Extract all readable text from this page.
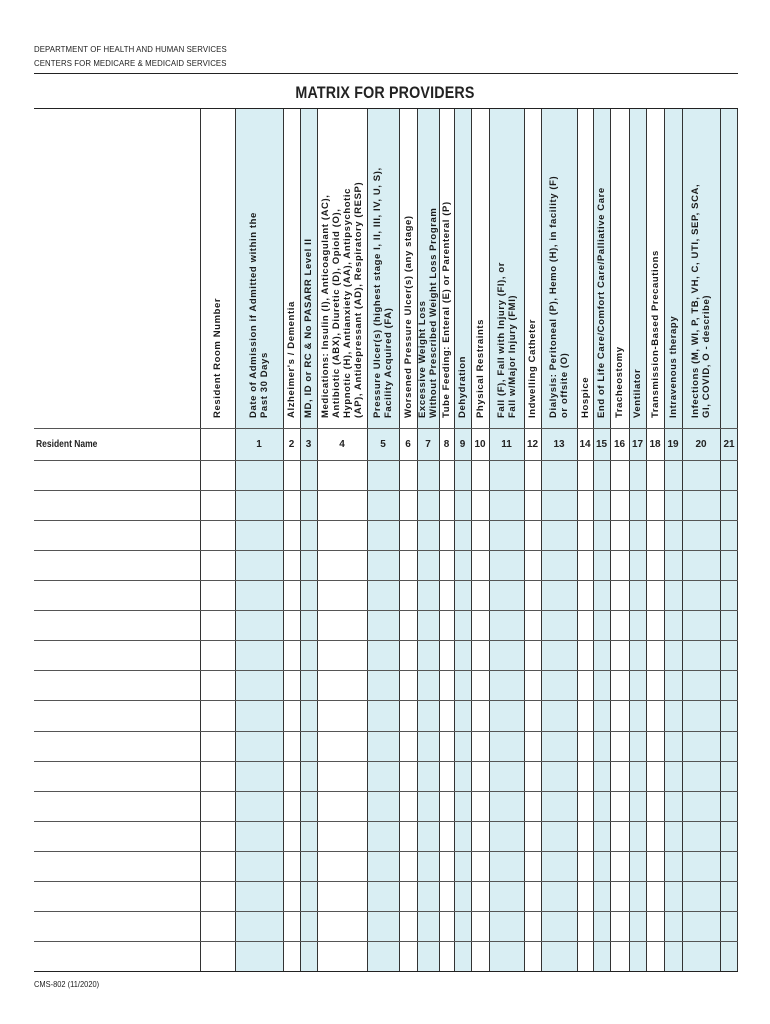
DEPARTMENT OF HEALTH AND HUMAN SERVICES
CENTERS FOR MEDICARE & MEDICAID SERVICES
MATRIX FOR PROVIDERS
Resident Name
Resident Room Number	Date of Admission if Admitted within the Past 30 Days
1
Alzheimer's / Dementia
2
MD, ID or RC & No PASARR Level II
3
Medications: Insulin (I), Anticoagulant (AC), Antibiotic (ABX), Diuretic (D), Opioid (O), Hypnotic (H), Antianxiety (AA), Antipsychotic (AP), Antidepressant (AD), Respiratory (RESP)
4
Pressure Ulcer(s) (highest stage I, II, III, IV, U, S), Facility Acquired (FA)
5
Worsened Pressure Ulcer(s) (any stage)
6
Excessive Weight Loss Without Prescribed Weight Loss Program
7
Tube Feeding: Enteral (E) or Parenteral (P)
8
Dehydration
9
Physical Restraints
10
Fall (F), Fall with Injury (FI), or Fall w/Major Injury (FMI)
11
Indwelling Catheter
12
Dialysis: Peritoneal (P), Hemo (H), in facility (F) or offsite (O)
13
Hospice
14
End of Life Care/Comfort Care/Palliative Care
15
Tracheostomy
16
Ventilator
17
Transmission-Based Precautions
18
Intravenous therapy
19
Infections (M, WI, P, TB, VH, C, UTI, SEP, SCA, GI, COVID, O - describe)
20	21
CMS-802 (11/2020)
